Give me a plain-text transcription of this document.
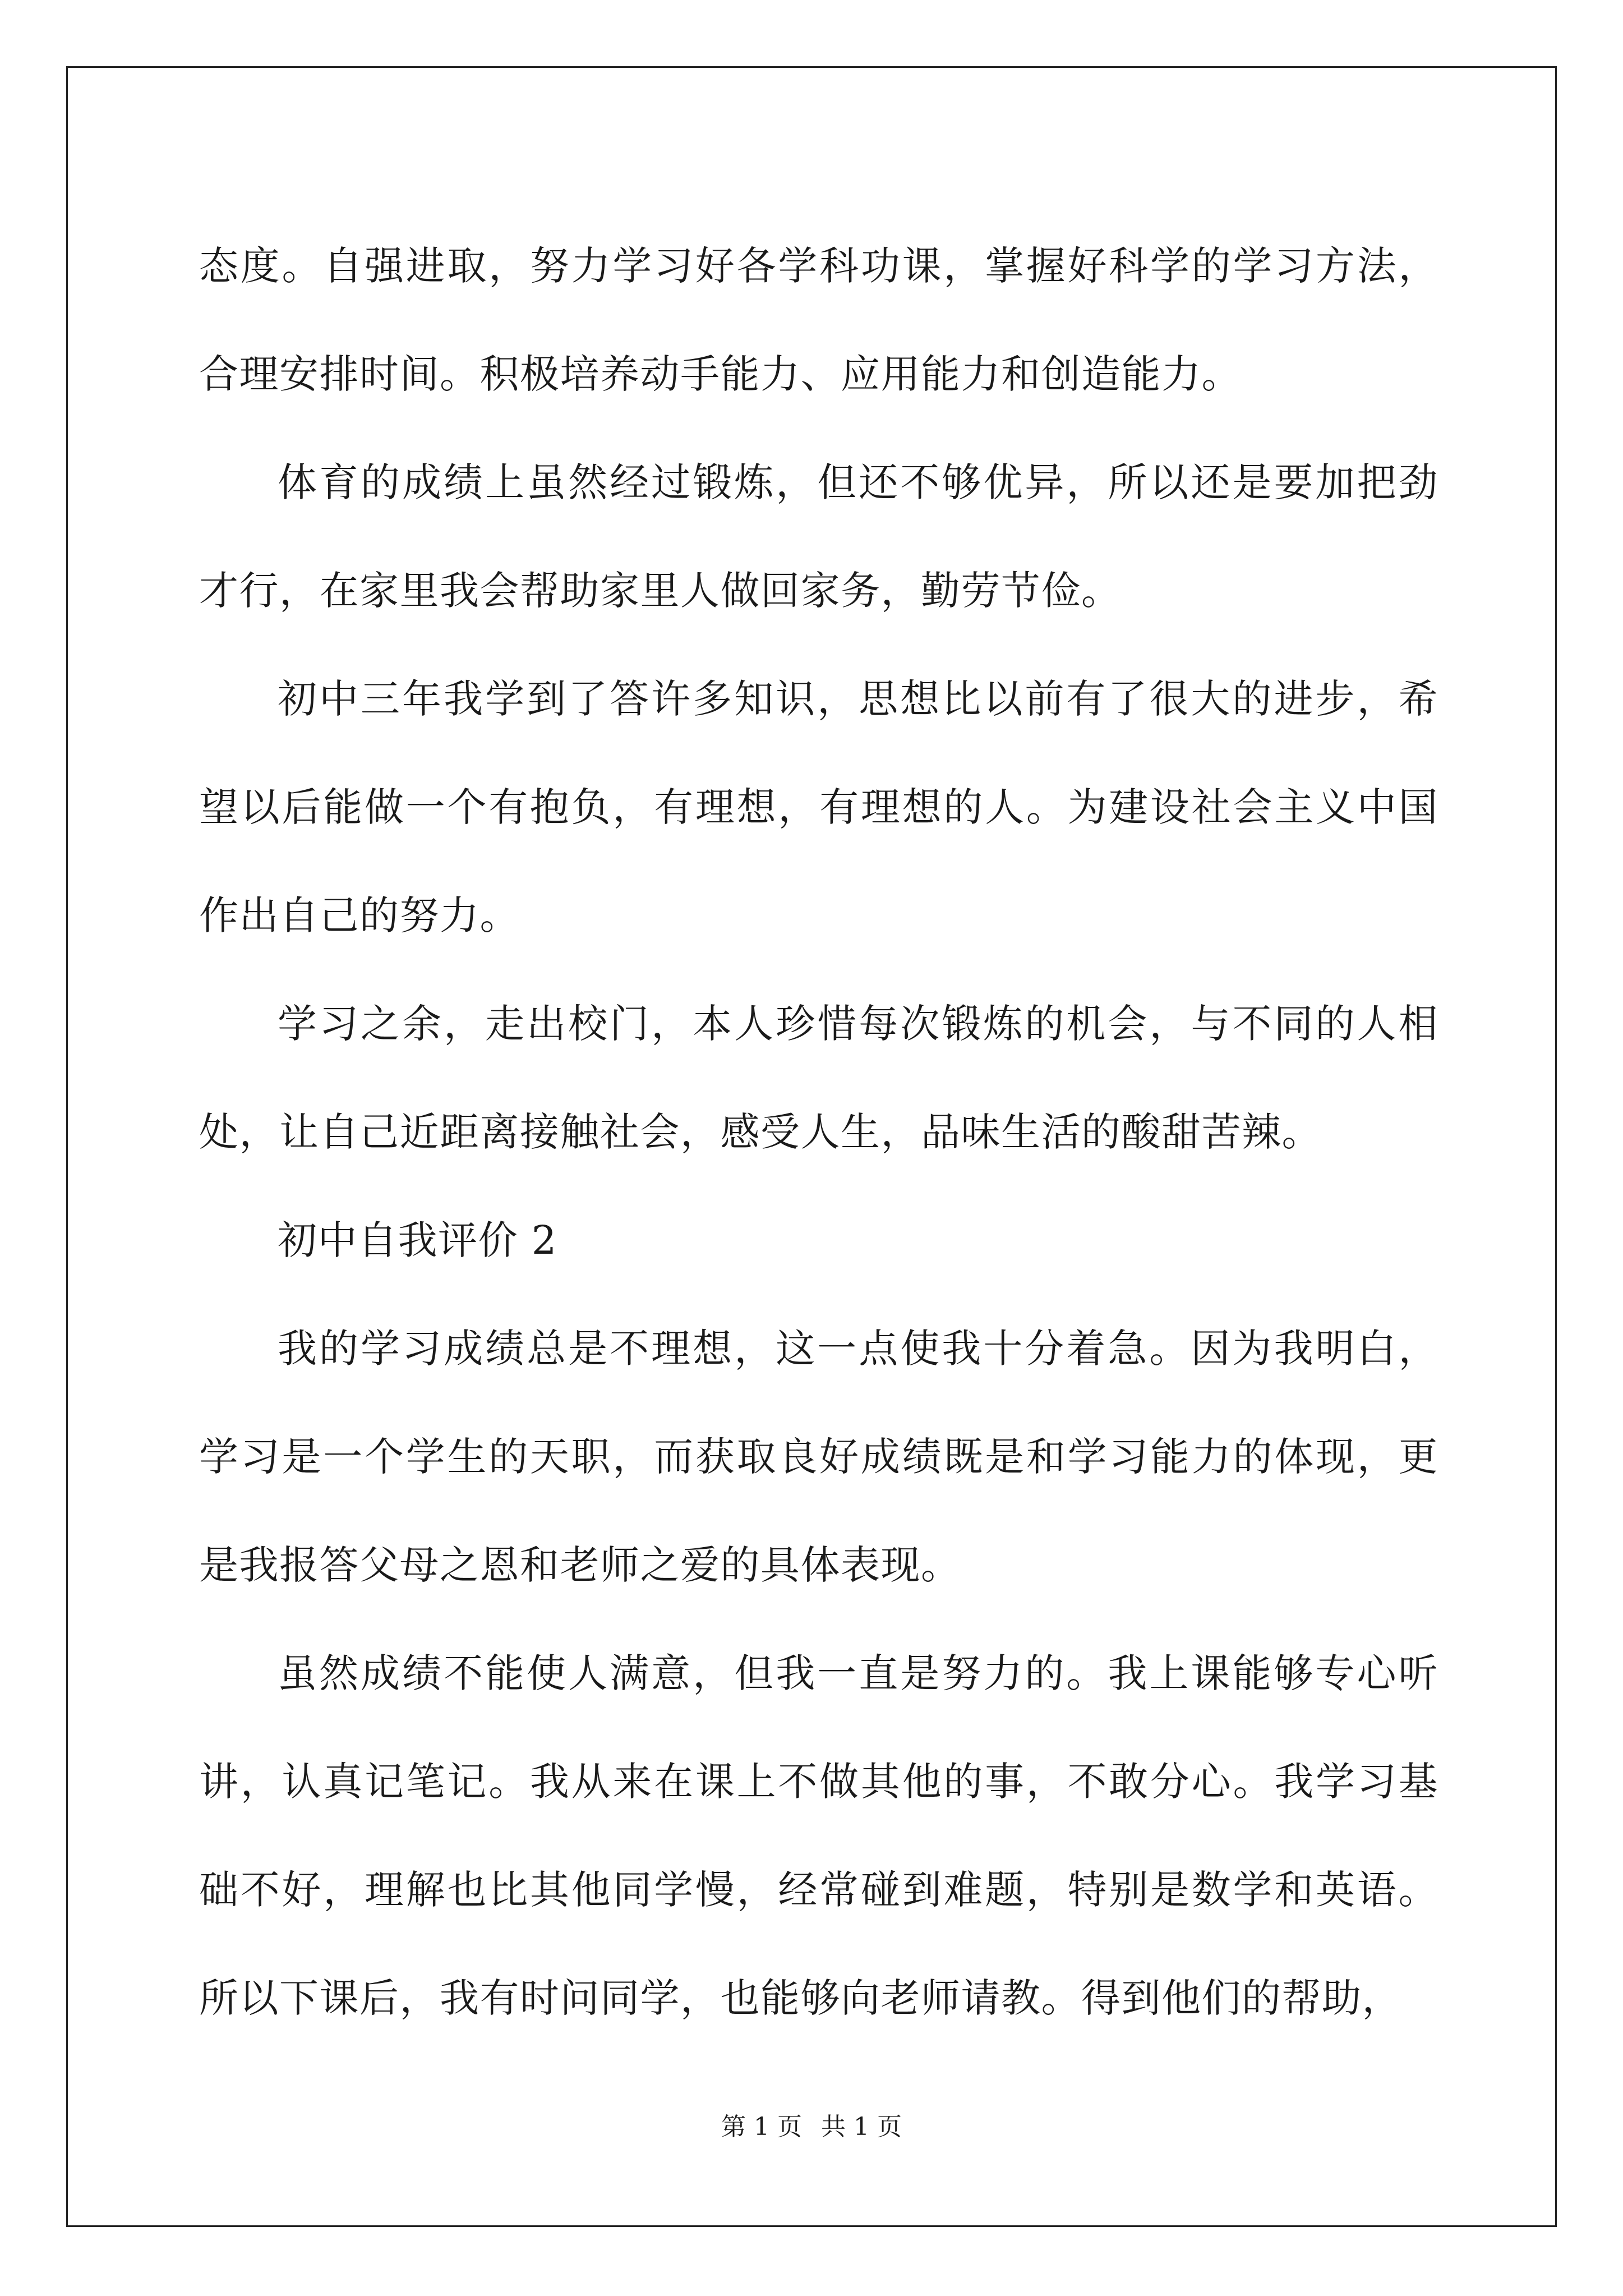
态度。自强进取，努力学习好各学科功课，掌握好科学的学习方法，合理安排时间。积极培养动手能力、应用能力和创造能力。

体育的成绩上虽然经过锻炼，但还不够优异，所以还是要加把劲才行，在家里我会帮助家里人做回家务，勤劳节俭。

初中三年我学到了答许多知识，思想比以前有了很大的进步，希望以后能做一个有抱负，有理想，有理想的人。为建设社会主义中国作出自己的努力。

学习之余，走出校门，本人珍惜每次锻炼的机会，与不同的人相处，让自己近距离接触社会，感受人生，品味生活的酸甜苦辣。

初中自我评价 2

我的学习成绩总是不理想，这一点使我十分着急。因为我明白，学习是一个学生的天职，而获取良好成绩既是和学习能力的体现，更是我报答父母之恩和老师之爱的具体表现。

虽然成绩不能使人满意，但我一直是努力的。我上课能够专心听讲，认真记笔记。我从来在课上不做其他的事，不敢分心。我学习基础不好，理解也比其他同学慢，经常碰到难题，特别是数学和英语。所以下课后，我有时问同学，也能够向老师请教。得到他们的帮助，

第 1 页 共 1 页
